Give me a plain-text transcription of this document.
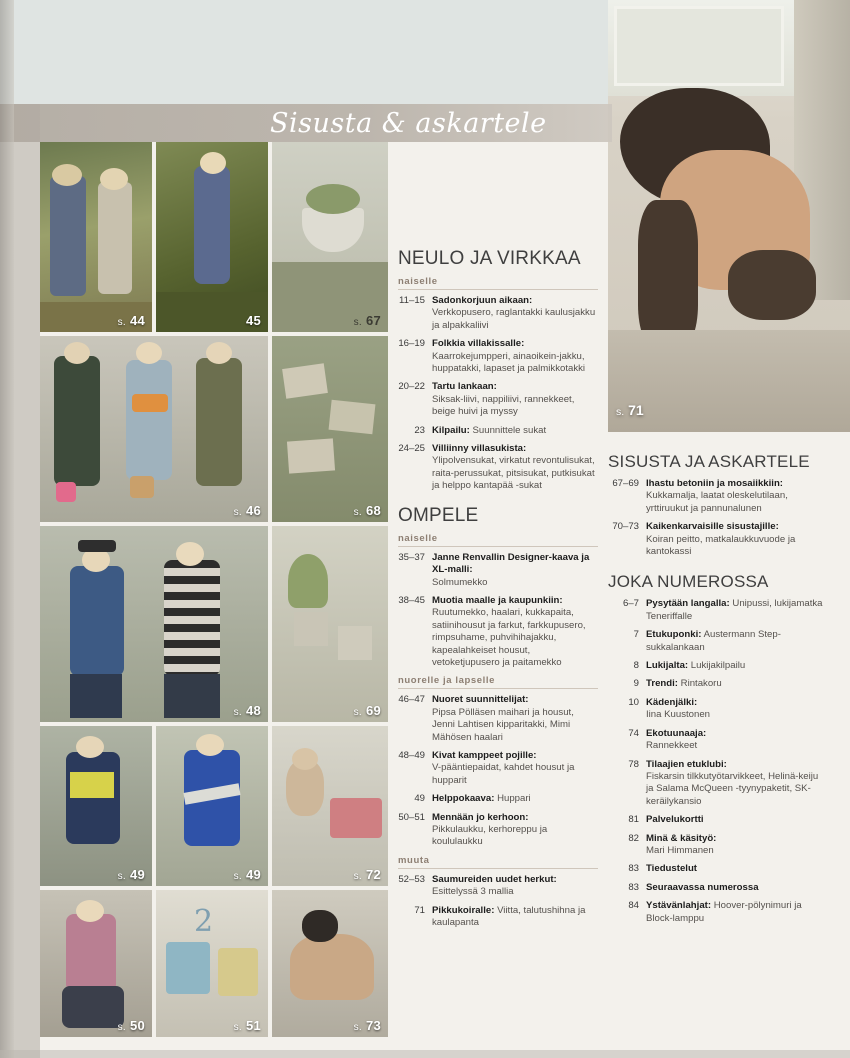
s. 71
Sisusta & askartele
s. 44	45	s. 67
s. 46	s. 68
s. 48	s. 69
s. 49	s. 49	s. 72
s. 50
2
s. 51	s. 73
NEULO JA VIRKKAA
naiselle
11–15 Sadonkorjuun aikaan:
Verkkopusero, raglantakki kaulusjakku ja alpakkaliivi
16–19 Folkkia villakissalle:
Kaarrokejumpperi, ainaoikein-jakku, huppatakki, lapaset ja palmikkotakki
20–22 Tartu lankaan:
Siksak-liivi, nappiliivi, rannekkeet, beige huivi ja myssy
23 Kilpailu: Suunnittele sukat
24–25 Villiinny villasukista:
Ylipolvensukat, virkatut revontulisukat, raita-perussukat, pitsisukat, putkisukat ja helppo kantapää -sukat
OMPELE
naiselle
35–37 Janne Renvallin Designer-kaava ja XL-malli:
Solmumekko
38–45 Muotia maalle ja kaupunkiin:
Ruutumekko, haalari, kukkapaita, satiinihousut ja farkut, farkkupusero, rimpsuhame, puhvihihajakku, kapealahkeiset housut, vetoketjupusero ja paitamekko
nuorelle ja lapselle
46–47 Nuoret suunnittelijat:
Pipsa Pölläsen maihari ja housut, Jenni Lahtisen kipparitakki, Mimi Mähösen haalari
48–49 Kivat kamppeet pojille:
V-pääntiepaidat, kahdet housut ja hupparit
49 Helppokaava: Huppari
50–51 Mennään jo kerhoon:
Pikkulaukku, kerhoreppu ja koululaukku
muuta
52–53 Saumureiden uudet herkut:
Esittelyssä 3 mallia
71 Pikkukoiralle: Viitta, talutushihna ja kaulapanta
SISUSTA JA ASKARTELE
67–69 Ihastu betoniin ja mosaiikkiin:
Kukkamalja, laatat oleskelutilaan, yrttiruukut ja pannunalunen
70–73 Kaikenkarvaisille sisustajille:
Koiran peitto, matkalaukkuvuode ja kantokassi
JOKA NUMEROSSA
6–7 Pysytään langalla: Unipussi, lukijamatka Teneriffalle
7 Etukuponki: Austermann Step-sukkalankaan
8 Lukijalta: Lukijakilpailu
9 Trendi: Rintakoru
10 Kädenjälki:
Iina Kuustonen
74 Ekotuunaaja:
Rannekkeet
78 Tilaajien etuklubi:
Fiskarsin tilkkutyötarvikkeet, Helinä-keiju ja Salama McQueen -tyynypaketit, SK-keräilykansio
81 Palvelukortti
82 Minä & käsityö:
Mari Himmanen
83 Tiedustelut
83 Seuraavassa numerossa
84 Ystävänlahjat: Hoover-pölynimuri ja Block-lamppu
